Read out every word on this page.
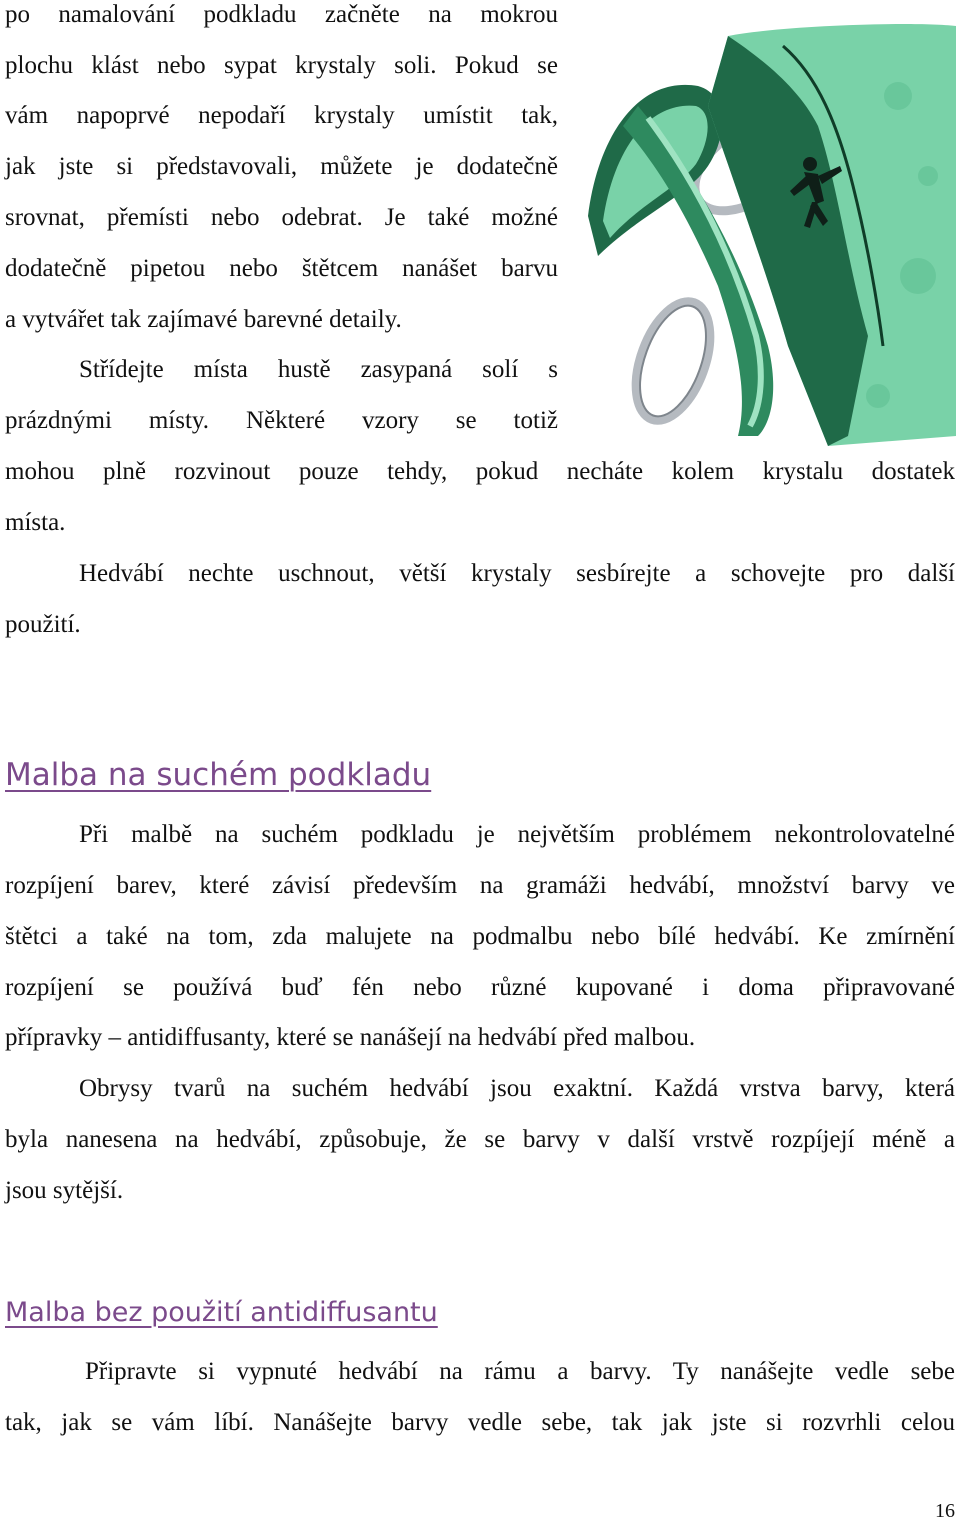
po namalování podkladu začněte na mokrou
plochu klást nebo sypat krystaly soli. Pokud se
vám napoprvé nepodaří krystaly umístit tak,
jak jste si představovali, můžete je dodatečně
srovnat, přemísti nebo odebrat. Je také možné
dodatečně pipetou nebo štětcem nanášet barvu
a vytvářet tak zajímavé barevné detaily.
Střídejte místa hustě zasypaná solí s
prázdnými místy. Některé vzory se totiž
mohou plně rozvinout pouze tehdy, pokud necháte kolem krystalu dostatek
místa.
Hedvábí nechte uschnout, větší krystaly sesbírejte a schovejte pro další
použití.
Malba na suchém podkladu
Při malbě na suchém podkladu je největším problémem nekontrolovatelné
rozpíjení barev, které závisí především na gramáži hedvábí, množství barvy ve
štětci a také na tom, zda malujete na podmalbu nebo bílé hedvábí. Ke zmírnění
rozpíjení se používá buď fén nebo různé kupované i doma připravované
přípravky – antidiffusanty, které se nanášejí na hedvábí před malbou.
Obrysy tvarů na suchém hedvábí jsou exaktní. Každá vrstva barvy, která
byla nanesena na hedvábí, způsobuje, že se barvy v další vrstvě rozpíjejí méně a
jsou sytější.
Malba bez použití antidiffusantu
Připravte si vypnuté hedvábí na rámu a barvy. Ty nanášejte vedle sebe
tak, jak se vám líbí. Nanášejte barvy vedle sebe, tak jak jste si rozvrhli celou
16
